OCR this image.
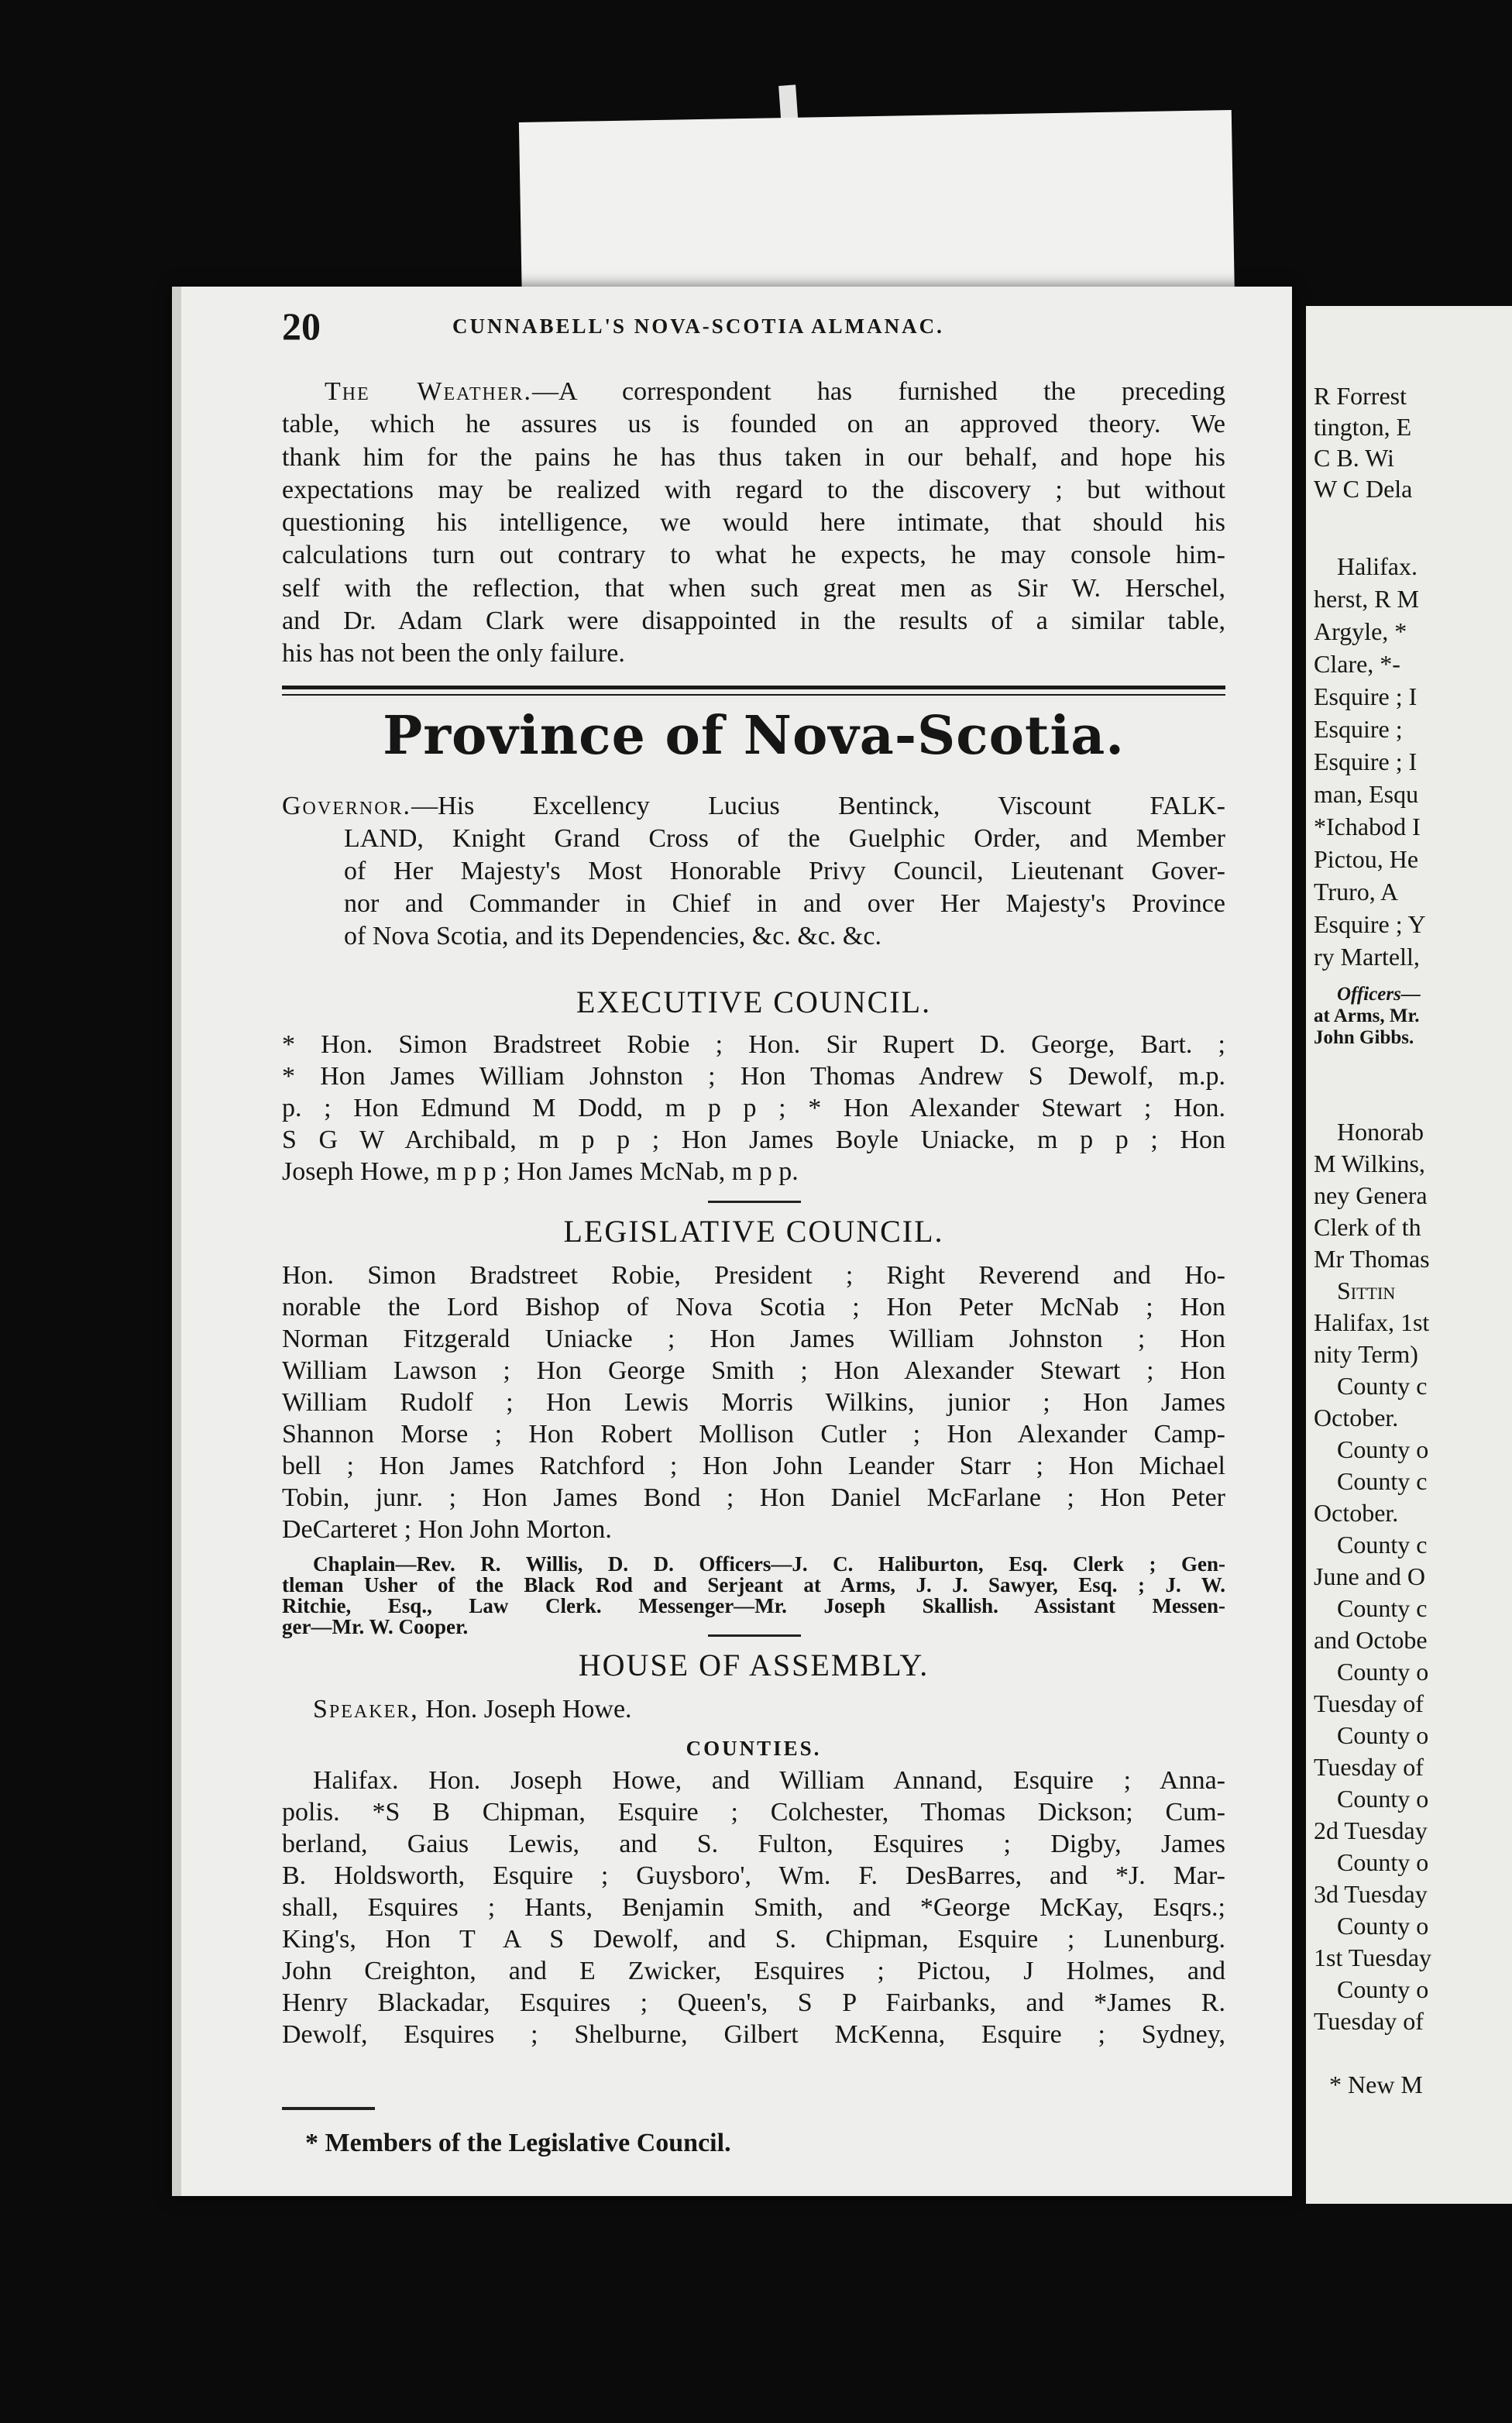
20	CUNNABELL'S NOVA-SCOTIA ALMANAC.

The Weather.—A correspondent has furnished the preceding

table, which he assures us is founded on an approved theory. We

thank him for the pains he has thus taken in our behalf, and hope his

expectations may be realized with regard to the discovery ; but without

questioning his intelligence, we would here intimate, that should his

calculations turn out contrary to what he expects, he may console him-

self with the reflection, that when such great men as Sir W. Herschel,

and Dr. Adam Clark were disappointed in the results of a similar table,

his has not been the only failure.

Province of Nova-Scotia.

Governor.—His Excellency Lucius Bentinck, Viscount FALK-

LAND, Knight Grand Cross of the Guelphic Order, and Member

of Her Majesty's Most Honorable Privy Council, Lieutenant Gover-

nor and Commander in Chief in and over Her Majesty's Province

of Nova Scotia, and its Dependencies, &c. &c. &c.

EXECUTIVE COUNCIL.

* Hon. Simon Bradstreet Robie ; Hon. Sir Rupert D. George, Bart. ;

* Hon James William Johnston ; Hon Thomas Andrew S Dewolf, m.p.

p. ; Hon Edmund M Dodd, m p p ; * Hon Alexander Stewart ; Hon.

S G W Archibald, m p p ; Hon James Boyle Uniacke, m p p ; Hon

Joseph Howe, m p p ; Hon James McNab, m p p.

LEGISLATIVE COUNCIL.

Hon. Simon Bradstreet Robie, President ; Right Reverend and Ho-

norable the Lord Bishop of Nova Scotia ; Hon Peter McNab ; Hon

Norman Fitzgerald Uniacke ; Hon James William Johnston ; Hon

William Lawson ; Hon George Smith ; Hon Alexander Stewart ; Hon

William Rudolf ; Hon Lewis Morris Wilkins, junior ; Hon James

Shannon Morse ; Hon Robert Mollison Cutler ; Hon Alexander Camp-

bell ; Hon James Ratchford ; Hon John Leander Starr ; Hon Michael

Tobin, junr. ; Hon James Bond ; Hon Daniel McFarlane ; Hon Peter

DeCarteret ; Hon John Morton.

Chaplain—Rev. R. Willis, D. D. Officers—J. C. Haliburton, Esq. Clerk ; Gen-

tleman Usher of the Black Rod and Serjeant at Arms, J. J. Sawyer, Esq. ; J. W.

Ritchie, Esq., Law Clerk. Messenger—Mr. Joseph Skallish. Assistant Messen-

ger—Mr. W. Cooper.

HOUSE OF ASSEMBLY.

Speaker, Hon. Joseph Howe.

COUNTIES.

Halifax. Hon. Joseph Howe, and William Annand, Esquire ; Anna-

polis. *S B Chipman, Esquire ; Colchester, Thomas Dickson; Cum-

berland, Gaius Lewis, and S. Fulton, Esquires ; Digby, James

B. Holdsworth, Esquire ; Guysboro', Wm. F. DesBarres, and *J. Mar-

shall, Esquires ; Hants, Benjamin Smith, and *George McKay, Esqrs.;

King's, Hon T A S Dewolf, and S. Chipman, Esquire ; Lunenburg.

John Creighton, and E Zwicker, Esquires ; Pictou, J Holmes, and

Henry Blackadar, Esquires ; Queen's, S P Fairbanks, and *James R.

Dewolf, Esquires ; Shelburne, Gilbert McKenna, Esquire ; Sydney,

* Members of the Legislative Council.
R Forrest
tington, E
C B. Wi
W C Dela
Halifax.
herst, R M
Argyle, *
Clare, *-
Esquire ; I
Esquire ;
Esquire ; I
man, Esqu
*Ichabod I
Pictou, He
Truro, A
Esquire ; Y
ry Martell,
Officers—
at Arms, Mr.
John Gibbs.
Honorab
M Wilkins,
ney Genera
Clerk of th
Mr Thomas
Sittin
Halifax, 1st
nity Term)
County c
October.
County o
County c
October.
County c
June and O
County c
and Octobe
County o
Tuesday of
County o
Tuesday of
County o
2d Tuesday
County o
3d Tuesday
County o
1st Tuesday
County o
Tuesday of
* New M
